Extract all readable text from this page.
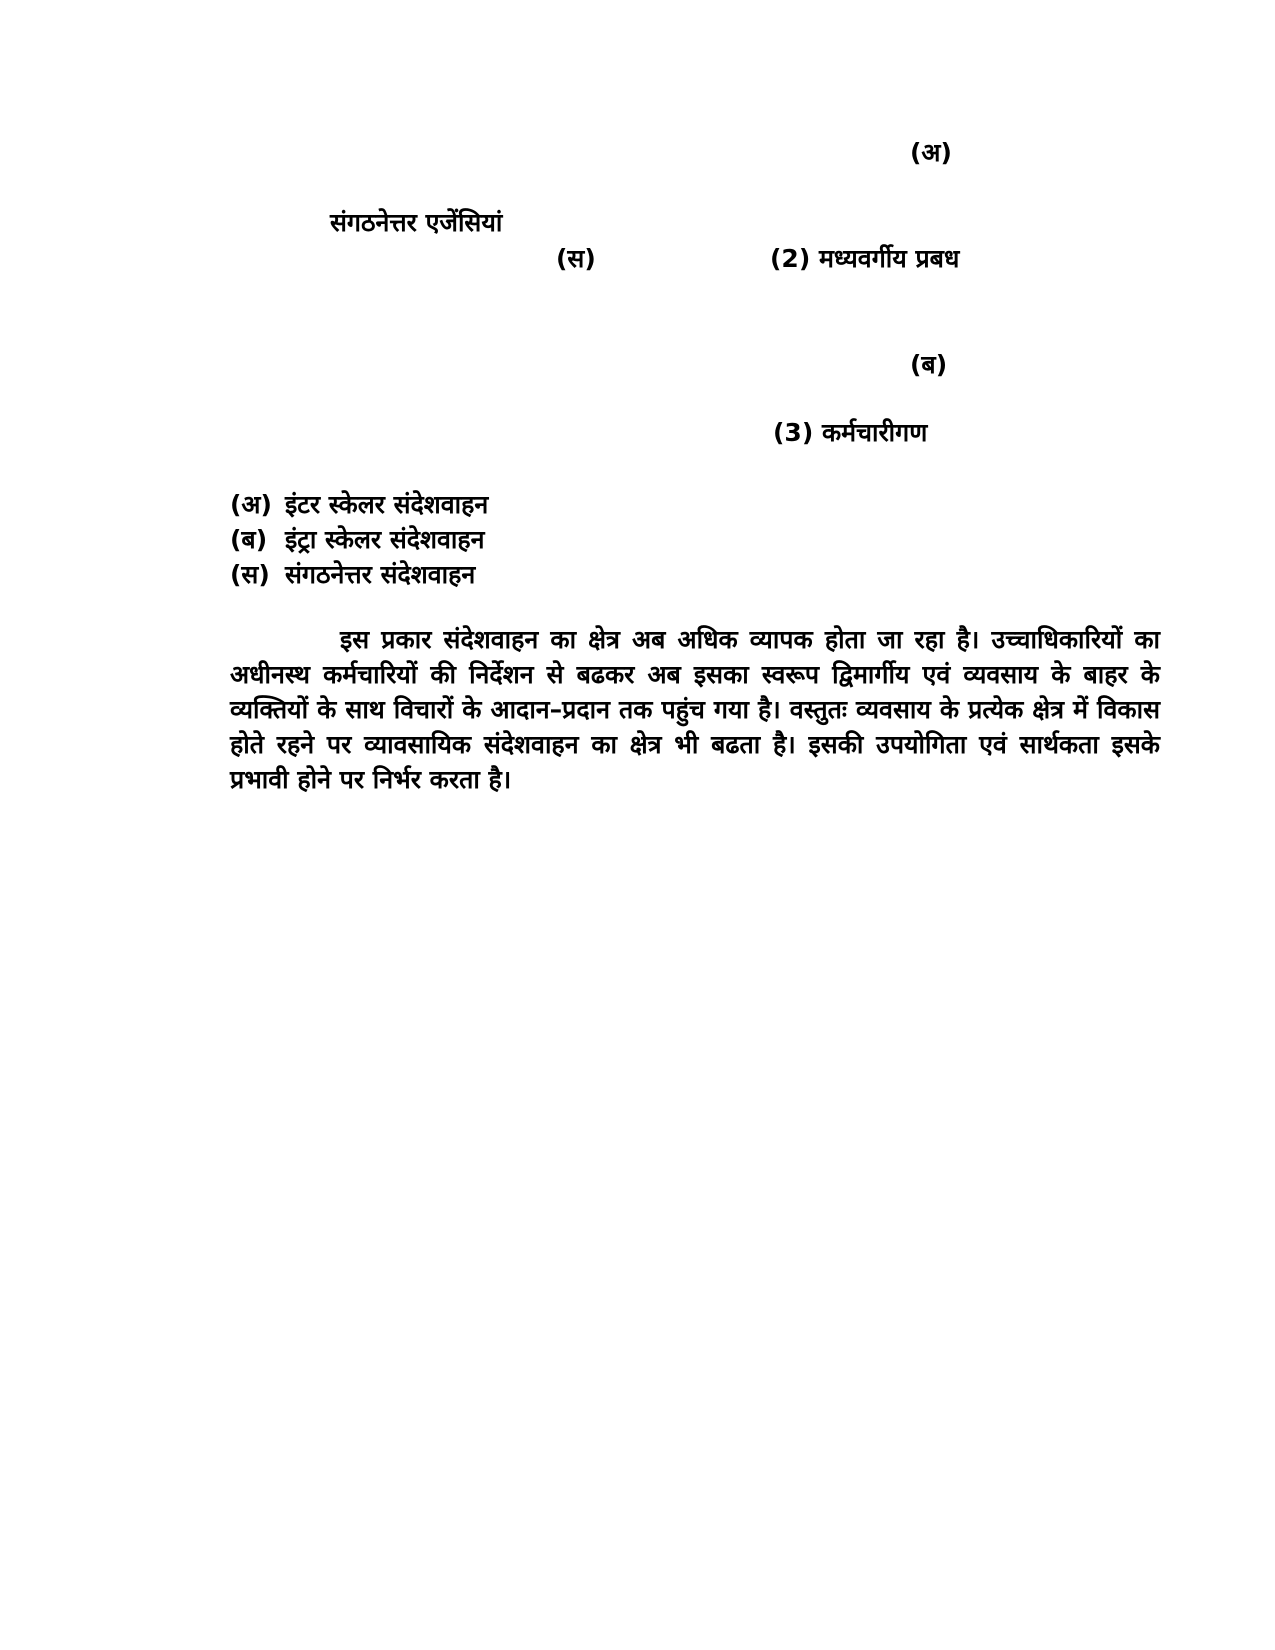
(अ)
संगठनेत्तर एजेंसियां
(स)	(2) मध्यवर्गीय प्रबध
(ब)
(3) कर्मचारीगण
(अ) इंटर स्केलर संदेशवाहन
(ब) इंट्रा स्केलर संदेशवाहन
(स) संगठनेत्तर संदेशवाहन

इस प्रकार संदेशवाहन का क्षेत्र अब अधिक व्यापक होता जा रहा है। उच्चाधिकारियों का अधीनस्थ कर्मचारियों की निर्देशन से बढकर अब इसका स्वरूप द्विमार्गीय एवं व्यवसाय के बाहर के व्यक्तियों के साथ विचारों के आदान–प्रदान तक पहुंच गया है। वस्तुतः व्यवसाय के प्रत्येक क्षेत्र में विकास होते रहने पर व्यावसायिक संदेशवाहन का क्षेत्र भी बढता है। इसकी उपयोगिता एवं सार्थकता इसके प्रभावी होने पर निर्भर करता है।
